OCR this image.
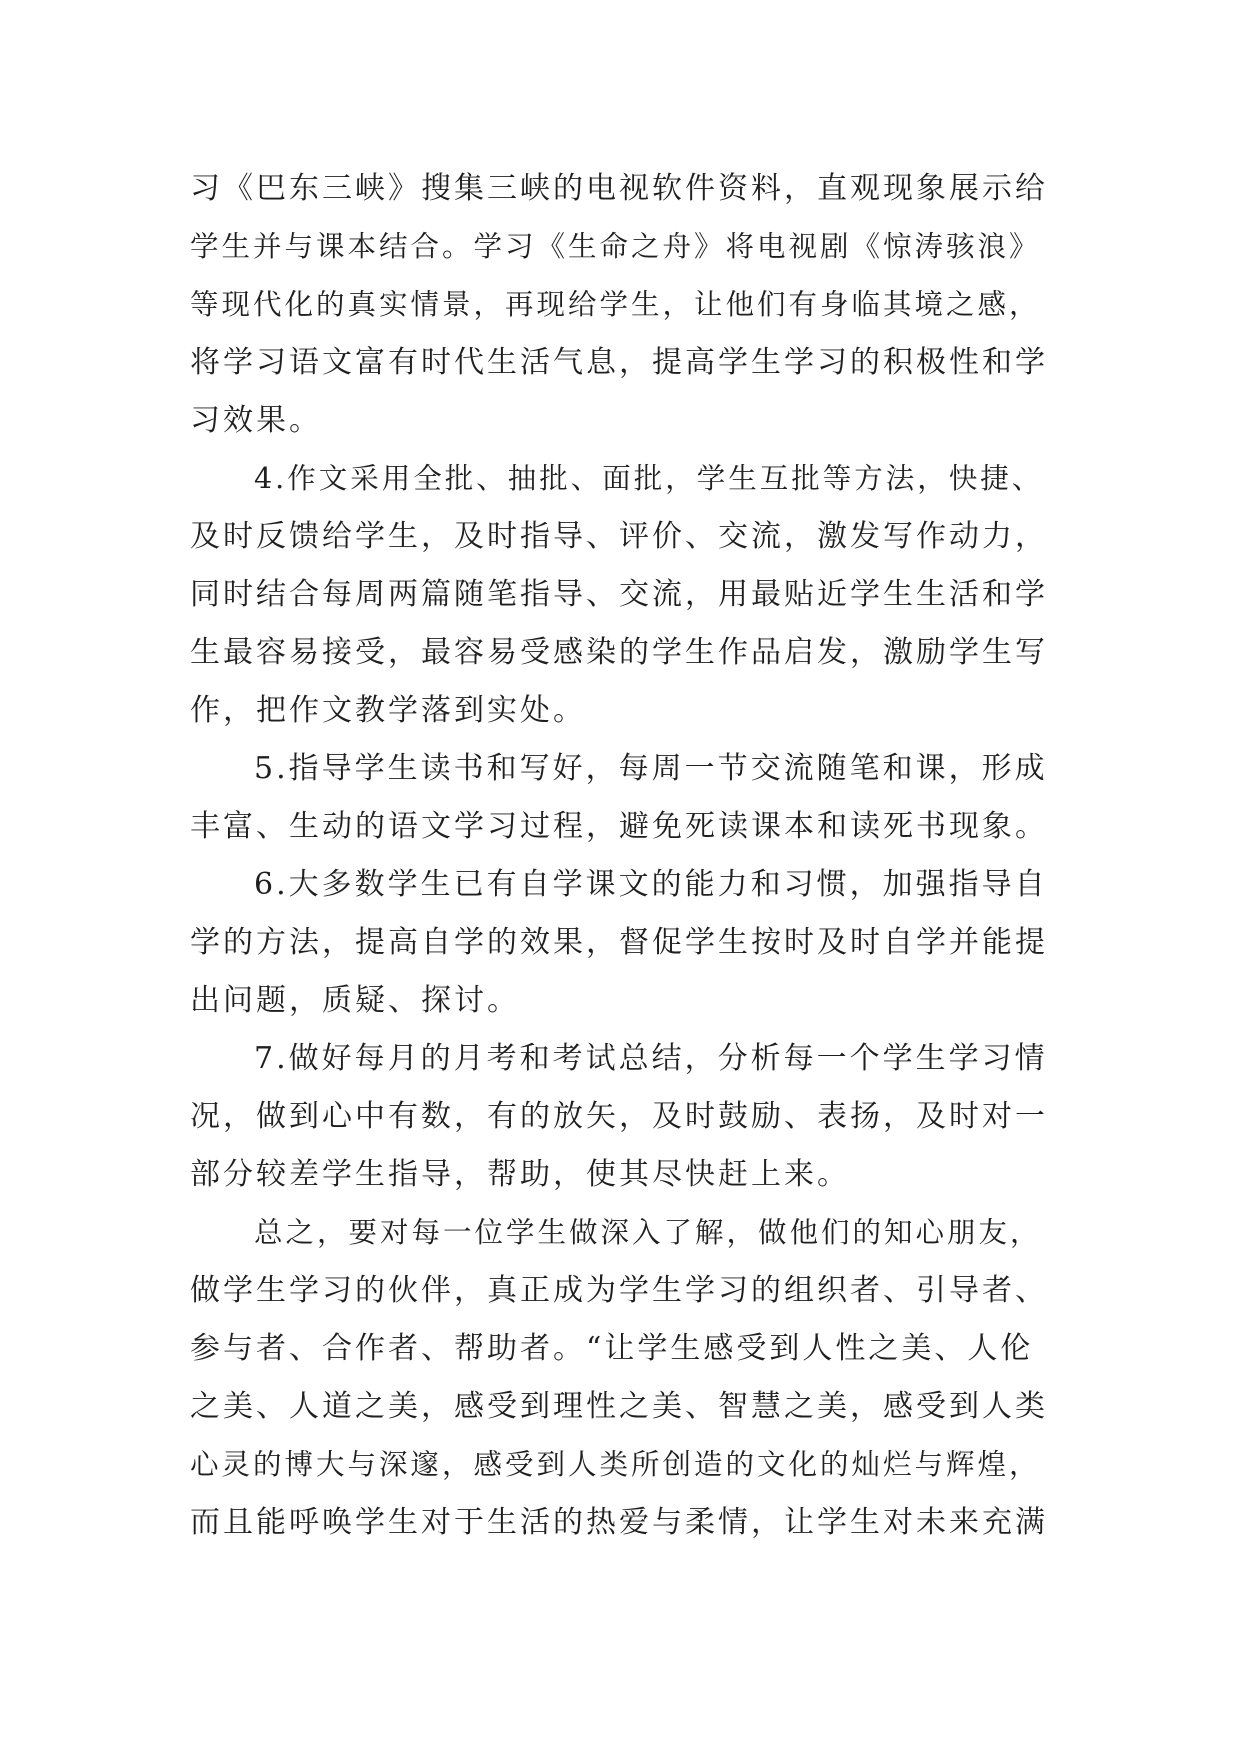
习《巴东三峡》搜集三峡的电视软件资料，直观现象展示给
学生并与课本结合。学习《生命之舟》将电视剧《惊涛骇浪》
等现代化的真实情景，再现给学生，让他们有身临其境之感，
将学习语文富有时代生活气息，提高学生学习的积极性和学
习效果。
4.作文采用全批、抽批、面批，学生互批等方法，快捷、
及时反馈给学生，及时指导、评价、交流，激发写作动力，
同时结合每周两篇随笔指导、交流，用最贴近学生生活和学
生最容易接受，最容易受感染的学生作品启发，激励学生写
作，把作文教学落到实处。
5.指导学生读书和写好，每周一节交流随笔和课，形成
丰富、生动的语文学习过程，避免死读课本和读死书现象。
6.大多数学生已有自学课文的能力和习惯，加强指导自
学的方法，提高自学的效果，督促学生按时及时自学并能提
出问题，质疑、探讨。
7.做好每月的月考和考试总结，分析每一个学生学习情
况，做到心中有数，有的放矢，及时鼓励、表扬，及时对一
部分较差学生指导，帮助，使其尽快赶上来。
总之，要对每一位学生做深入了解，做他们的知心朋友，
做学生学习的伙伴，真正成为学生学习的组织者、引导者、
参与者、合作者、帮助者。“让学生感受到人性之美、人伦
之美、人道之美，感受到理性之美、智慧之美，感受到人类
心灵的博大与深邃，感受到人类所创造的文化的灿烂与辉煌，
而且能呼唤学生对于生活的热爱与柔情，让学生对未来充满
